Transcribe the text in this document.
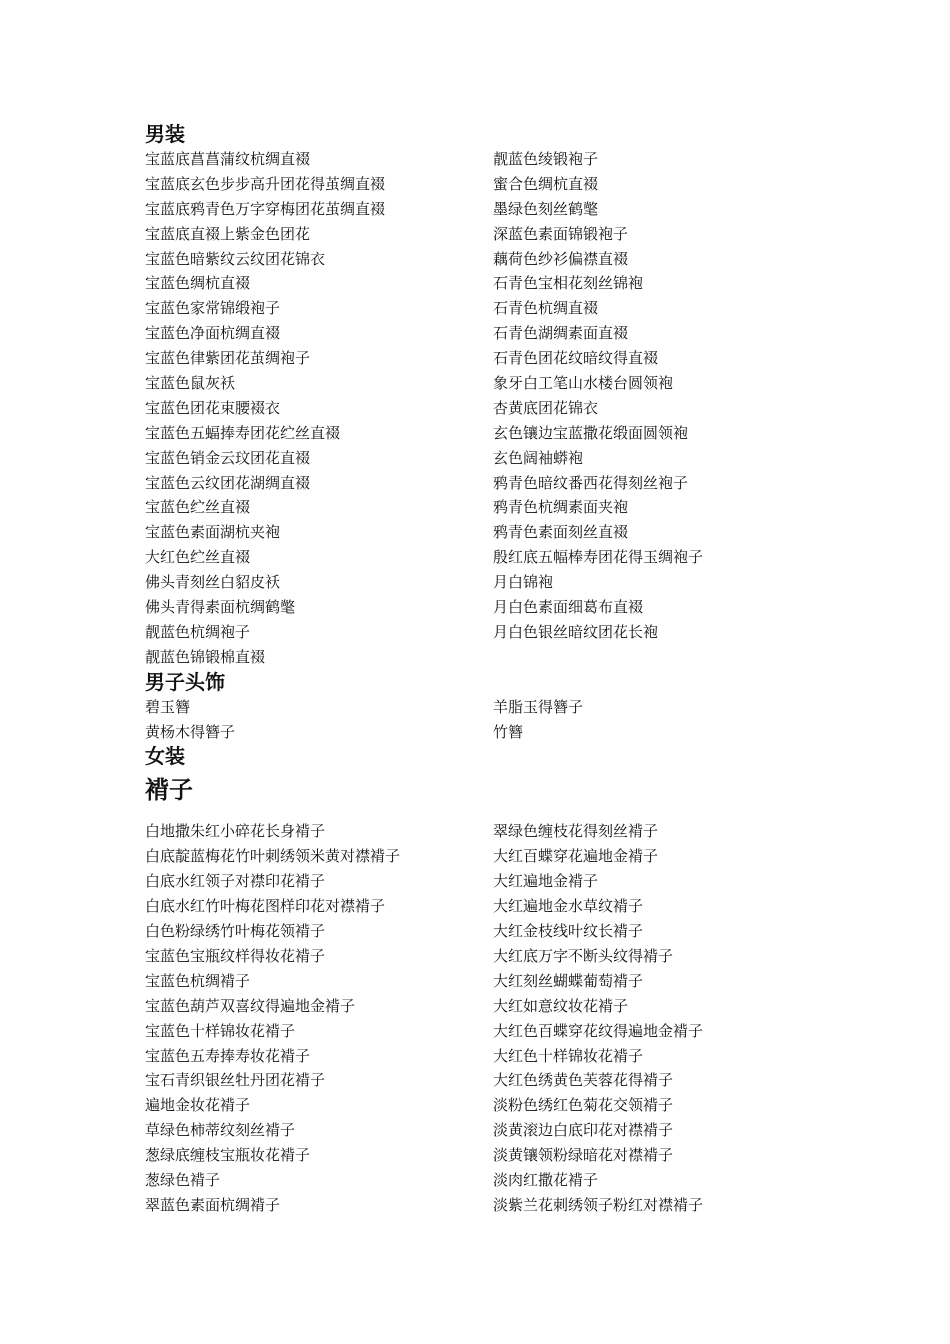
男装
宝蓝底菖菖蒲纹杭绸直裰	靓蓝色绫锻袍子
宝蓝底玄色步步高升团花得茧绸直裰	蜜合色绸杭直裰
宝蓝底鸦青色万字穿梅团花茧绸直裰	墨绿色刻丝鹤氅
宝蓝底直裰上紫金色团花	深蓝色素面锦锻袍子
宝蓝色暗紫纹云纹团花锦衣	藕荷色纱衫偏襟直裰
宝蓝色绸杭直裰	石青色宝相花刻丝锦袍
宝蓝色家常锦缎袍子	石青色杭绸直裰
宝蓝色净面杭绸直裰	石青色湖绸素面直裰
宝蓝色律紫团花茧绸袍子	石青色团花纹暗纹得直裰
宝蓝色鼠灰袄	象牙白工笔山水楼台圆领袍
宝蓝色团花束腰裰衣	杏黄底团花锦衣
宝蓝色五蝠捧寿团花纻丝直裰	玄色镶边宝蓝撒花缎面圆领袍
宝蓝色销金云玟团花直裰	玄色阔袖蟒袍
宝蓝色云纹团花湖绸直裰	鸦青色暗纹番西花得刻丝袍子
宝蓝色纻丝直裰	鸦青色杭绸素面夹袍
宝蓝色素面湖杭夹袍	鸦青色素面刻丝直裰
大红色纻丝直裰	殷红底五幅棒寿团花得玉绸袍子
佛头青刻丝白貂皮袄	月白锦袍
佛头青得素面杭绸鹤氅	月白色素面细葛布直裰
靓蓝色杭绸袍子	月白色银丝暗纹团花长袍
靓蓝色锦锻棉直裰
男子头饰
碧玉簪	羊脂玉得簪子
黄杨木得簪子	竹簪
女装
褙子
白地撒朱红小碎花长身褙子	翠绿色缠枝花得刻丝褙子
白底靛蓝梅花竹叶刺绣领米黄对襟褙子	大红百蝶穿花遍地金褙子
白底水红领子对襟印花褙子	大红遍地金褙子
白底水红竹叶梅花图样印花对襟褙子	大红遍地金水草纹褙子
白色粉绿绣竹叶梅花领褙子	大红金枝线叶纹长褙子
宝蓝色宝瓶纹样得妆花褙子	大红底万字不断头纹得褙子
宝蓝色杭绸褙子	大红刻丝蝴蝶葡萄褙子
宝蓝色葫芦双喜纹得遍地金褙子	大红如意纹妆花褙子
宝蓝色十样锦妆花褙子	大红色百蝶穿花纹得遍地金褙子
宝蓝色五寿捧寿妆花褙子	大红色十样锦妆花褙子
宝石青织银丝牡丹团花褙子	大红色绣黄色芙蓉花得褙子
遍地金妆花褙子	淡粉色绣红色菊花交领褙子
草绿色柿蒂纹刻丝褙子	淡黄滚边白底印花对襟褙子
葱绿底缠枝宝瓶妆花褙子	淡黄镶领粉绿暗花对襟褙子
葱绿色褙子	淡肉红撒花褙子
翠蓝色素面杭绸褙子	淡紫兰花刺绣领子粉红对襟褙子
